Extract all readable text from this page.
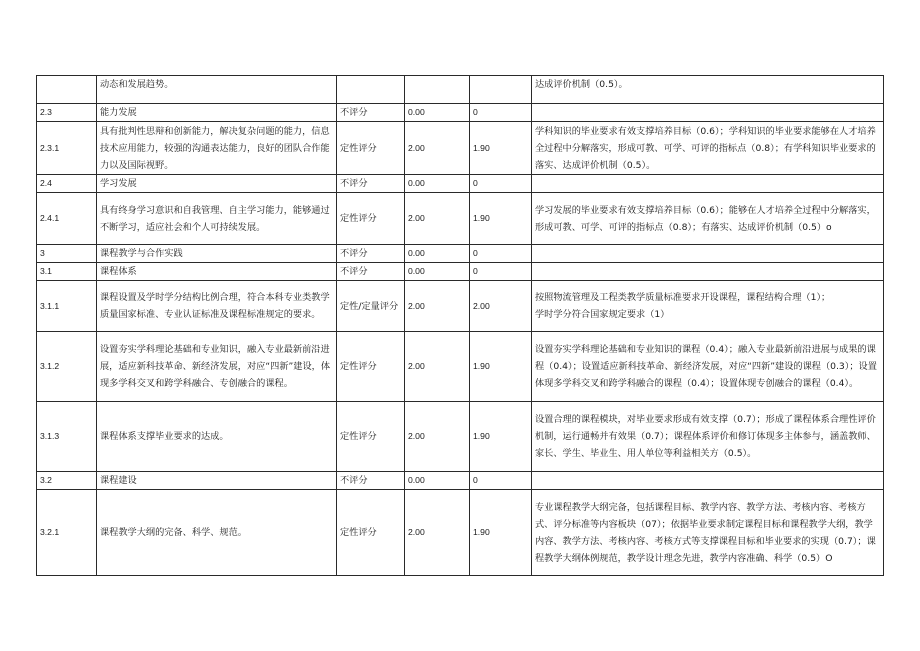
	动态和发展趋势。				达成评价机制（0.5）。
2.3	能力发展	不评分	0.00	0	
2.3.1	具有批判性思辩和创新能力，解决复杂问题的能力，信息技术应用能力，较强的沟通表达能力，良好的团队合作能力以及国际视野。	定性评分	2.00	1.90	学科知识的毕业要求有效支撑培养目标（0.6）；学科知识的毕业要求能够在人才培养全过程中分解落实，形成可教、可学、可评的指标点（0.8）；有学科知识毕业要求的落实、达成评价机制（0.5）。
2.4	学习发展	不评分	0.00	0	
2.4.1	具有终身学习意识和自我管理、自主学习能力，能够通过不断学习，适应社会和个人可持续发展。	定性评分	2.00	1.90	学习发展的毕业要求有效支撑培养目标（0.6）；能够在人才培养全过程中分解落实，形成可教、可学、可评的指标点（0.8）；有落实、达成评价机制（0.5）o
3	课程教学与合作实践	不评分	0.00	0	
3.1	课程体系	不评分	0.00	0	
3.1.1	课程设置及学时学分结构比例合理，符合本科专业类教学质量国家标准、专业认证标准及课程标准规定的要求。	定性/定量评分	2.00	2.00	按照物流管理及工程类教学质量标准要求开设课程，课程结构合理（1）；
学时学分符合国家规定要求（1）
3.1.2	设置夯实学科理论基础和专业知识，融入专业最新前沿进展，适应新科技革命、新经济发展，对应“四新”建设，体现多学科交叉和跨学科融合、专创融合的课程。	定性评分	2.00	1.90	设置夯实学科理论基础和专业知识的课程（0.4）；融入专业最新前沿进展与成果的课程（0.4）；设置适应新科技革命、新经济发展，对应“四新”建设的课程（0.3）；设置体现多学科交叉和跨学科融合的课程（0.4）；设置体现专创融合的课程（0.4）。
3.1.3	课程体系支撑毕业要求的达成。	定性评分	2.00	1.90	设置合理的课程模块，对毕业要求形成有效支撑（0.7）；形成了课程体系合理性评价机制，运行通畅并有效果（0.7）；课程体系评价和修订体现多主体参与，涵盖教师、家长、学生、毕业生、用人单位等利益相关方（0.5）。
3.2	课程建设	不评分	0.00	0	
3.2.1	课程教学大纲的完备、科学、规范。	定性评分	2.00	1.90	专业课程教学大纲完备，包括课程目标、教学内容、教学方法、考核内容、考核方式、评分标准等内容板块（07）；依据毕业要求制定课程目标和课程教学大纲，教学内容、教学方法、考核内容、考核方式等支撑课程目标和毕业要求的实现（0.7）；课程教学大纲体例规范，教学设计理念先进，教学内容准确、科学（0.5）O
